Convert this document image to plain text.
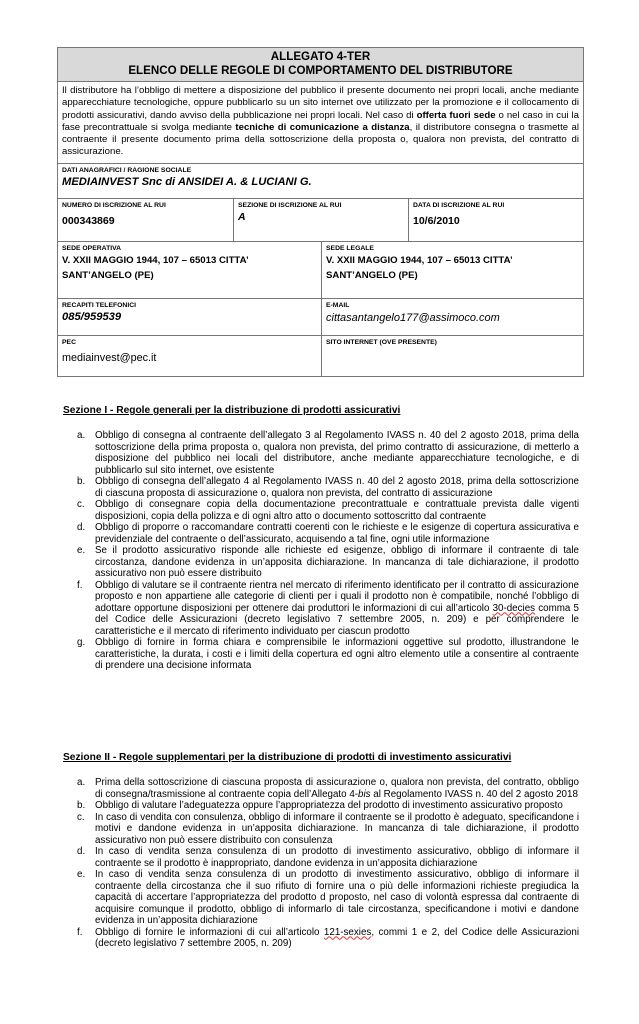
ALLEGATO 4-TER
ELENCO DELLE REGOLE DI COMPORTAMENTO DEL DISTRIBUTORE
Il distributore ha l’obbligo di mettere a disposizione del pubblico il presente documento nei propri locali, anche mediante apparecchiature tecnologiche, oppure pubblicarlo su un sito internet ove utilizzato per la promozione e il collocamento di prodotti assicurativi, dando avviso della pubblicazione nei propri locali. Nel caso di offerta fuori sede o nel caso in cui la fase precontrattuale si svolga mediante tecniche di comunicazione a distanza, il distributore consegna o trasmette al contraente il presente documento prima della sottoscrizione della proposta o, qualora non prevista, del contratto di assicurazione.
DATI ANAGRAFICI / RAGIONE SOCIALE
MEDIAINVEST Snc di ANSIDEI A. & LUCIANI G.
NUMERO DI ISCRIZIONE AL RUI
000343869
SEZIONE DI ISCRIZIONE AL RUI
A
DATA DI ISCRIZIONE AL RUI
10/6/2010
SEDE OPERATIVA
V. XXII MAGGIO 1944, 107 – 65013 CITTA’
SANT’ANGELO (PE)
SEDE LEGALE
V. XXII MAGGIO 1944, 107 – 65013 CITTA’
SANT’ANGELO (PE)
RECAPITI TELEFONICI
085/959539
E-MAIL
cittasantangelo177@assimoco.com
PEC
mediainvest@pec.it
SITO INTERNET (OVE PRESENTE)
Sezione I - Regole generali per la distribuzione di prodotti assicurativi
a. Obbligo di consegna al contraente dell’allegato 3 al Regolamento IVASS n. 40 del 2 agosto 2018, prima della sottoscrizione della prima proposta o, qualora non prevista, del primo contratto di assicurazione, di metterlo a disposizione del pubblico nei locali del distributore, anche mediante apparecchiature tecnologiche, e di pubblicarlo sul sito internet, ove esistente
b. Obbligo di consegna dell’allegato 4 al Regolamento IVASS n. 40 del 2 agosto 2018, prima della sottoscrizione di ciascuna proposta di assicurazione o, qualora non prevista, del contratto di assicurazione
c. Obbligo di consegnare copia della documentazione precontrattuale e contrattuale prevista dalle vigenti disposizioni, copia della polizza e di ogni altro atto o documento sottoscritto dal contraente
d. Obbligo di proporre o raccomandare contratti coerenti con le richieste e le esigenze di copertura assicurativa e previdenziale del contraente o dell’assicurato, acquisendo a tal fine, ogni utile informazione
e. Se il prodotto assicurativo risponde alle richieste ed esigenze, obbligo di informare il contraente di tale circostanza, dandone evidenza in un’apposita dichiarazione. In mancanza di tale dichiarazione, il prodotto assicurativo non può essere distribuito
f. Obbligo di valutare se il contraente rientra nel mercato di riferimento identificato per il contratto di assicurazione proposto e non appartiene alle categorie di clienti per i quali il prodotto non è compatibile, nonché l’obbligo di adottare opportune disposizioni per ottenere dai produttori le informazioni di cui all’articolo 30-decies comma 5 del Codice delle Assicurazioni (decreto legislativo 7 settembre 2005, n. 209) e per comprendere le caratteristiche e il mercato di riferimento individuato per ciascun prodotto
g. Obbligo di fornire in forma chiara e comprensibile le informazioni oggettive sul prodotto, illustrandone le caratteristiche, la durata, i costi e i limiti della copertura ed ogni altro elemento utile a consentire al contraente di prendere una decisione informata
Sezione II - Regole supplementari per la distribuzione di prodotti di investimento assicurativi
a. Prima della sottoscrizione di ciascuna proposta di assicurazione o, qualora non prevista, del contratto, obbligo di consegna/trasmissione al contraente copia dell’Allegato 4-bis al Regolamento IVASS n. 40 del 2 agosto 2018
b. Obbligo di valutare l’adeguatezza oppure l’appropriatezza del prodotto di investimento assicurativo proposto
c. In caso di vendita con consulenza, obbligo di informare il contraente se il prodotto è adeguato, specificandone i motivi e dandone evidenza in un’apposita dichiarazione. In mancanza di tale dichiarazione, il prodotto assicurativo non può essere distribuito con consulenza
d. In caso di vendita senza consulenza di un prodotto di investimento assicurativo, obbligo di informare il contraente se il prodotto è inappropriato, dandone evidenza in un’apposita dichiarazione
e. In caso di vendita senza consulenza di un prodotto di investimento assicurativo, obbligo di informare il contraente della circostanza che il suo rifiuto di fornire una o più delle informazioni richieste pregiudica la capacità di accertare l’appropriatezza del prodotto d proposto, nel caso di volontà espressa dal contraente di acquisire comunque il prodotto, obbligo di informarlo di tale circostanza, specificandone i motivi e dandone evidenza in un’apposita dichiarazione
f. Obbligo di fornire le informazioni di cui all’articolo 121-sexies, commi 1 e 2, del Codice delle Assicurazioni (decreto legislativo 7 settembre 2005, n. 209)
